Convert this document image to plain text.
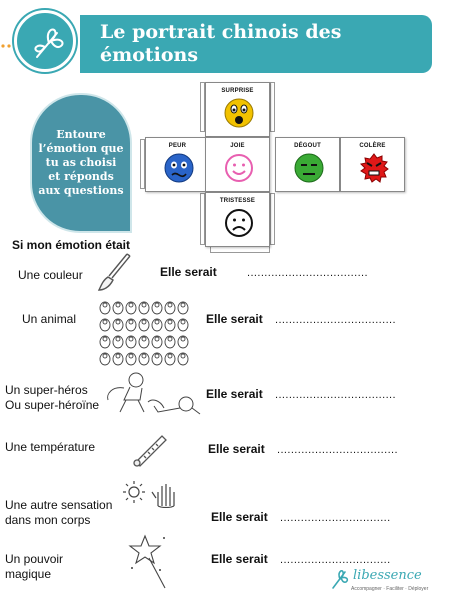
Le portrait chinois des émotions
Entoure l’émotion que tu as choisi et réponds aux questions
SURPRISE
PEUR	JOIE	DÉGOUT	COLÈRE
TRISTESSE
Si mon émotion était
Une couleur	Elle serait	...................................
Un animal	Elle serait ...................................
Un super-héros
Ou super-héroïne
Elle serait ...................................
Une température	Elle serait ...................................
Une autre sensation
dans mon corps	Elle serait ................................
Un pouvoir
magique
Elle serait ................................
libessence
Accompagner · Faciliter · Déployer
